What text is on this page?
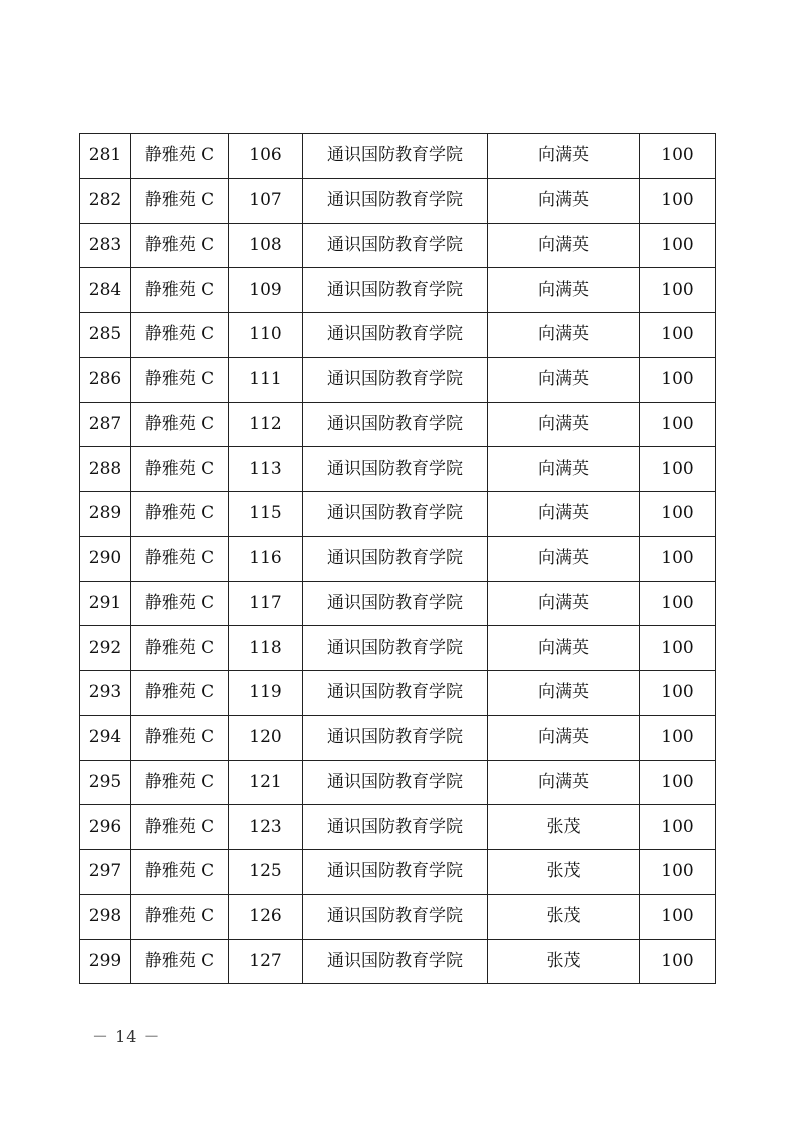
281	静雅苑 C	106	通识国防教育学院	向满英	100
282	静雅苑 C	107	通识国防教育学院	向满英	100
283	静雅苑 C	108	通识国防教育学院	向满英	100
284	静雅苑 C	109	通识国防教育学院	向满英	100
285	静雅苑 C	110	通识国防教育学院	向满英	100
286	静雅苑 C	111	通识国防教育学院	向满英	100
287	静雅苑 C	112	通识国防教育学院	向满英	100
288	静雅苑 C	113	通识国防教育学院	向满英	100
289	静雅苑 C	115	通识国防教育学院	向满英	100
290	静雅苑 C	116	通识国防教育学院	向满英	100
291	静雅苑 C	117	通识国防教育学院	向满英	100
292	静雅苑 C	118	通识国防教育学院	向满英	100
293	静雅苑 C	119	通识国防教育学院	向满英	100
294	静雅苑 C	120	通识国防教育学院	向满英	100
295	静雅苑 C	121	通识国防教育学院	向满英	100
296	静雅苑 C	123	通识国防教育学院	张茂	100
297	静雅苑 C	125	通识国防教育学院	张茂	100
298	静雅苑 C	126	通识国防教育学院	张茂	100
299	静雅苑 C	127	通识国防教育学院	张茂	100
－ 14 －
